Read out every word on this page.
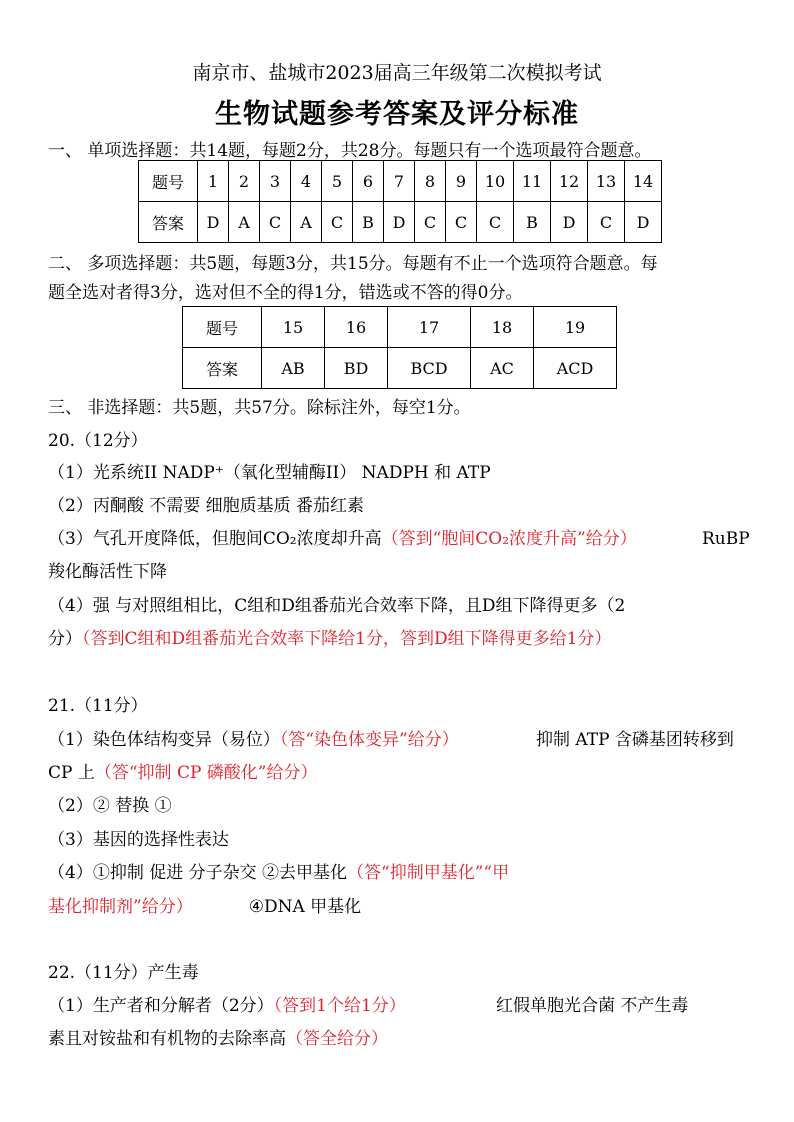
南京市、盐城市2023届高三年级第二次模拟考试
生物试题参考答案及评分标准
一、 单项选择题：共14题，每题2分，共28分。每题只有一个选项最符合题意。
题号	1	2	3	4	5	6	7	8	9	10	11	12	13	14
答案	D	A	C	A	C	B	D	C	C	C	B	D	C	D
二、 多项选择题：共5题，每题3分，共15分。每题有不止一个选项符合题意。每
题全选对者得3分，选对但不全的得1分，错选或不答的得0分。
题号	15	16	17	18	19
答案	AB	BD	BCD	AC	ACD
三、 非选择题：共5题，共57分。除标注外，每空1分。
20.（12分）
（1）光系统II NADP⁺（氧化型辅酶II） NADPH 和 ATP
（2）丙酮酸 不需要 细胞质基质 番茄红素
（3）气孔开度降低，但胞间CO₂浓度却升高（答到“胞间CO₂浓度升高”给分）	RuBP
羧化酶活性下降
（4）强 与对照组相比，C组和D组番茄光合效率下降，且D组下降得更多（2
分）（答到C组和D组番茄光合效率下降给1分，答到D组下降得更多给1分）
21.（11分）
（1）染色体结构变异（易位）（答“染色体变异”给分）	抑制 ATP 含磷基团转移到
CP 上（答“抑制 CP 磷酸化”给分）
（2）② 替换 ①
（3）基因的选择性表达
（4）①抑制 促进 分子杂交 ②去甲基化（答“抑制甲基化”“甲
基化抑制剂”给分）	④DNA 甲基化
22.（11分）产生毒
（1）生产者和分解者（2分）（答到1个给1分）	红假单胞光合菌 不产生毒
素且对铵盐和有机物的去除率高（答全给分）
